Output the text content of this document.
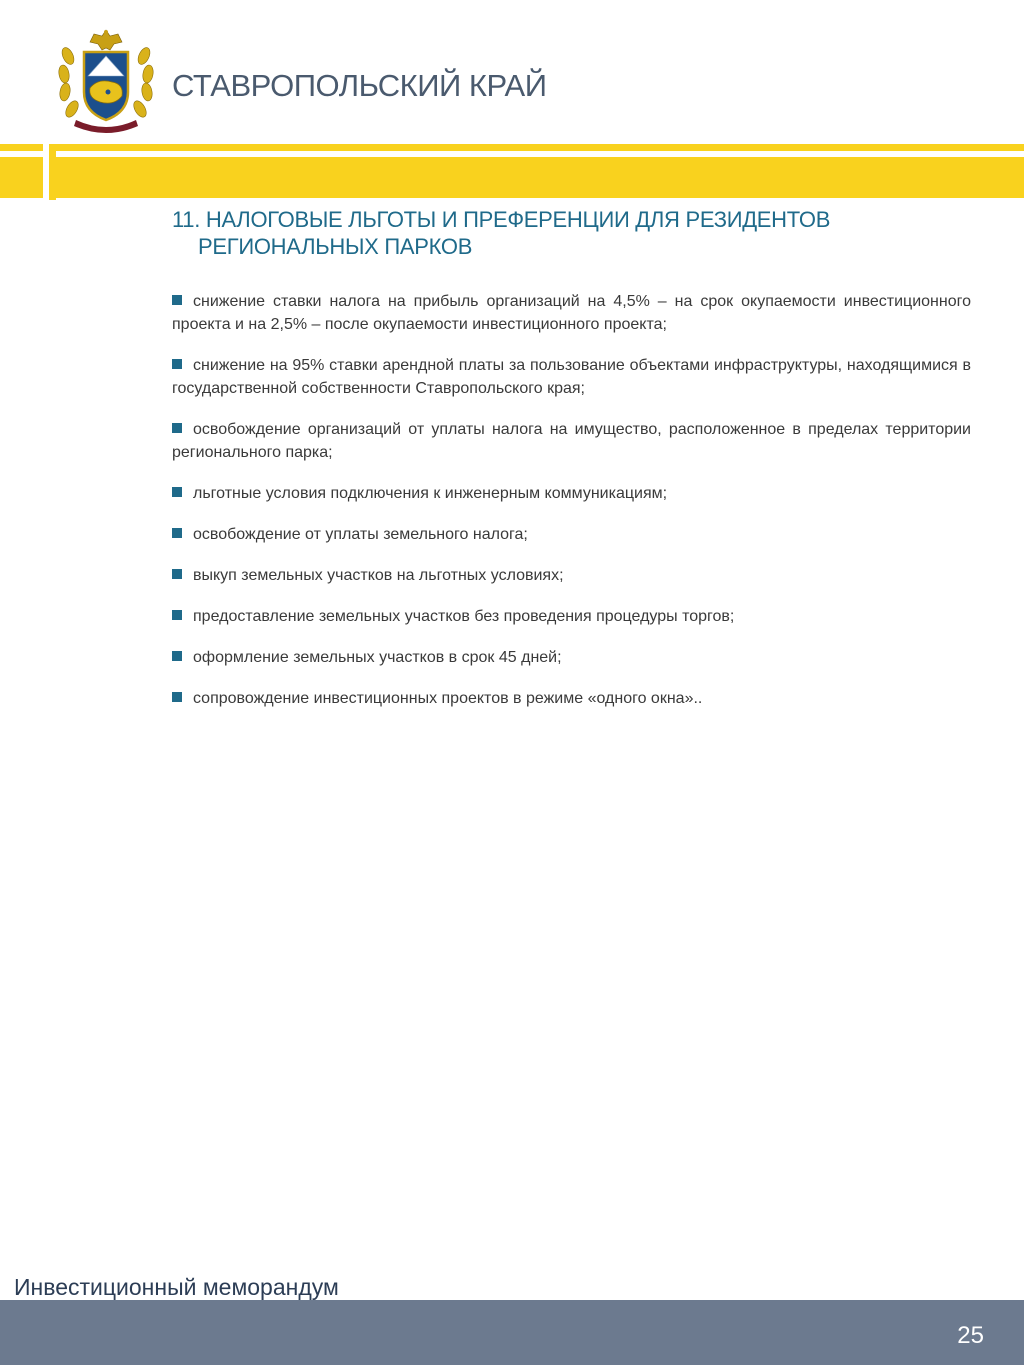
СТАВРОПОЛЬСКИЙ КРАЙ
11. НАЛОГОВЫЕ ЛЬГОТЫ И ПРЕФЕРЕНЦИИ ДЛЯ РЕЗИДЕНТОВ
РЕГИОНАЛЬНЫХ ПАРКОВ
снижение ставки налога на прибыль организаций на 4,5% – на срок окупаемости инвестиционного проекта и на 2,5% – после окупаемости инвестиционного проекта;
снижение на 95% ставки арендной платы за пользование объектами инфраструктуры, находящимися в государственной собственности Ставропольского края;
освобождение организаций от уплаты налога на имущество, расположенное в пределах территории регионального парка;
льготные условия подключения к инженерным коммуникациям;
освобождение от уплаты земельного налога;
выкуп земельных участков на льготных условиях;
предоставление земельных участков без проведения процедуры торгов;
оформление земельных участков в срок 45 дней;
сопровождение инвестиционных проектов в режиме «одного окна»..
Инвестиционный меморандум
25
